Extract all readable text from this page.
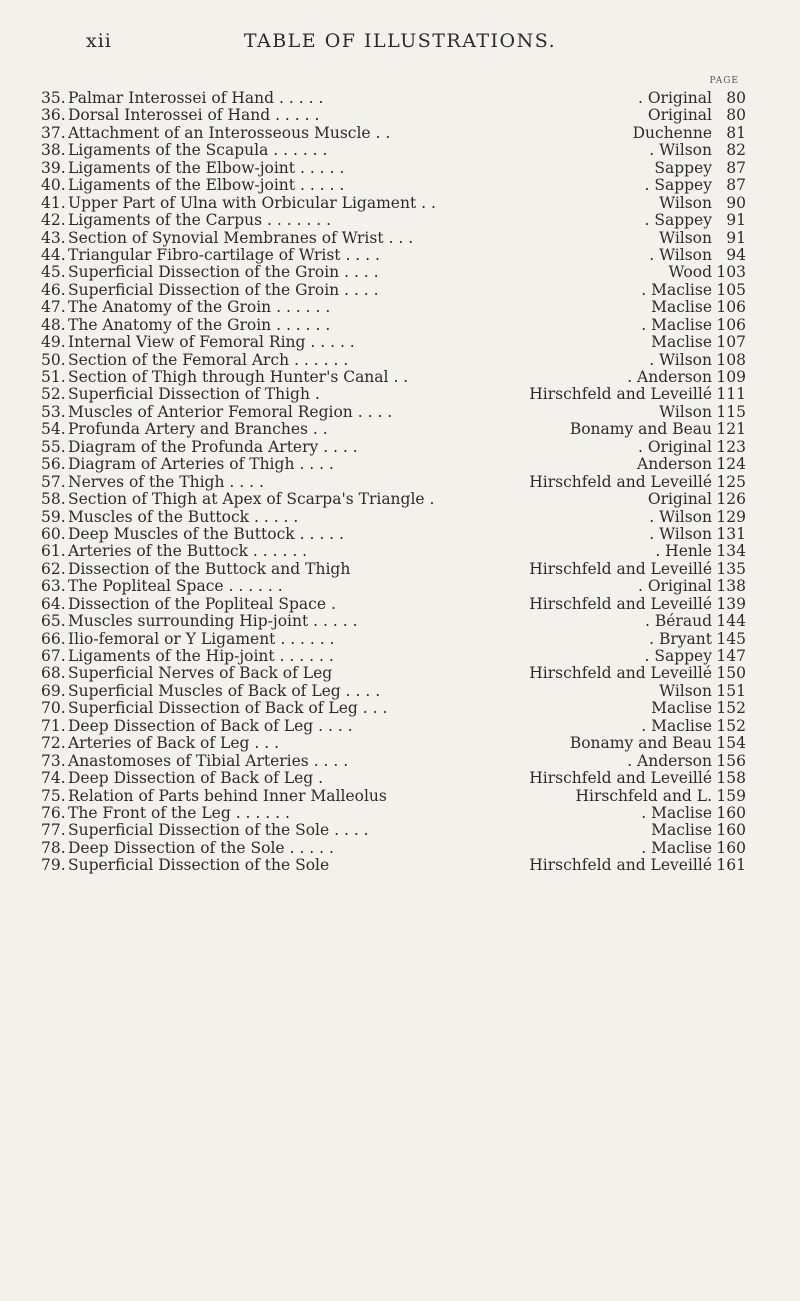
xii	TABLE OF ILLUSTRATIONS.
PAGE
35. Palmar Interossei of Hand . . . . .	. Original 80
36. Dorsal Interossei of Hand . . . . .	Original 80
37. Attachment of an Interosseous Muscle . .	Duchenne 81
38. Ligaments of the Scapula . . . . . .	. Wilson 82
39. Ligaments of the Elbow-joint . . . . .	Sappey 87
40. Ligaments of the Elbow-joint . . . . .	. Sappey 87
41. Upper Part of Ulna with Orbicular Ligament . .	Wilson 90
42. Ligaments of the Carpus . . . . . . .	. Sappey 91
43. Section of Synovial Membranes of Wrist . . .	Wilson 91
44. Triangular Fibro-cartilage of Wrist . . . .	. Wilson 94
45. Superficial Dissection of the Groin . . . .	Wood 103
46. Superficial Dissection of the Groin . . . .	. Maclise 105
47. The Anatomy of the Groin . . . . . .	Maclise 106
48. The Anatomy of the Groin . . . . . .	. Maclise 106
49. Internal View of Femoral Ring . . . . .	Maclise 107
50. Section of the Femoral Arch . . . . . .	. Wilson 108
51. Section of Thigh through Hunter's Canal . .	. Anderson 109
52. Superficial Dissection of Thigh .	Hirschfeld and Leveillé 111
53. Muscles of Anterior Femoral Region . . . .	Wilson 115
54. Profunda Artery and Branches . .	Bonamy and Beau 121
55. Diagram of the Profunda Artery . . . .	. Original 123
56. Diagram of Arteries of Thigh . . . .	Anderson 124
57. Nerves of the Thigh . . . .	Hirschfeld and Leveillé 125
58. Section of Thigh at Apex of Scarpa's Triangle .	Original 126
59. Muscles of the Buttock . . . . .	. Wilson 129
60. Deep Muscles of the Buttock . . . . .	. Wilson 131
61. Arteries of the Buttock . . . . . .	. Henle 134
62. Dissection of the Buttock and Thigh	Hirschfeld and Leveillé 135
63. The Popliteal Space . . . . . .	. Original 138
64. Dissection of the Popliteal Space .	Hirschfeld and Leveillé 139
65. Muscles surrounding Hip-joint . . . . .	. Béraud 144
66. Ilio-femoral or Y Ligament . . . . . .	. Bryant 145
67. Ligaments of the Hip-joint . . . . . .	. Sappey 147
68. Superficial Nerves of Back of Leg	Hirschfeld and Leveillé 150
69. Superficial Muscles of Back of Leg . . . .	Wilson 151
70. Superficial Dissection of Back of Leg . . .	Maclise 152
71. Deep Dissection of Back of Leg . . . .	. Maclise 152
72. Arteries of Back of Leg . . .	Bonamy and Beau 154
73. Anastomoses of Tibial Arteries . . . .	. Anderson 156
74. Deep Dissection of Back of Leg .	Hirschfeld and Leveillé 158
75. Relation of Parts behind Inner Malleolus	Hirschfeld and L. 159
76. The Front of the Leg . . . . . .	. Maclise 160
77. Superficial Dissection of the Sole . . . .	Maclise 160
78. Deep Dissection of the Sole . . . . .	. Maclise 160
79. Superficial Dissection of the Sole	Hirschfeld and Leveillé 161
